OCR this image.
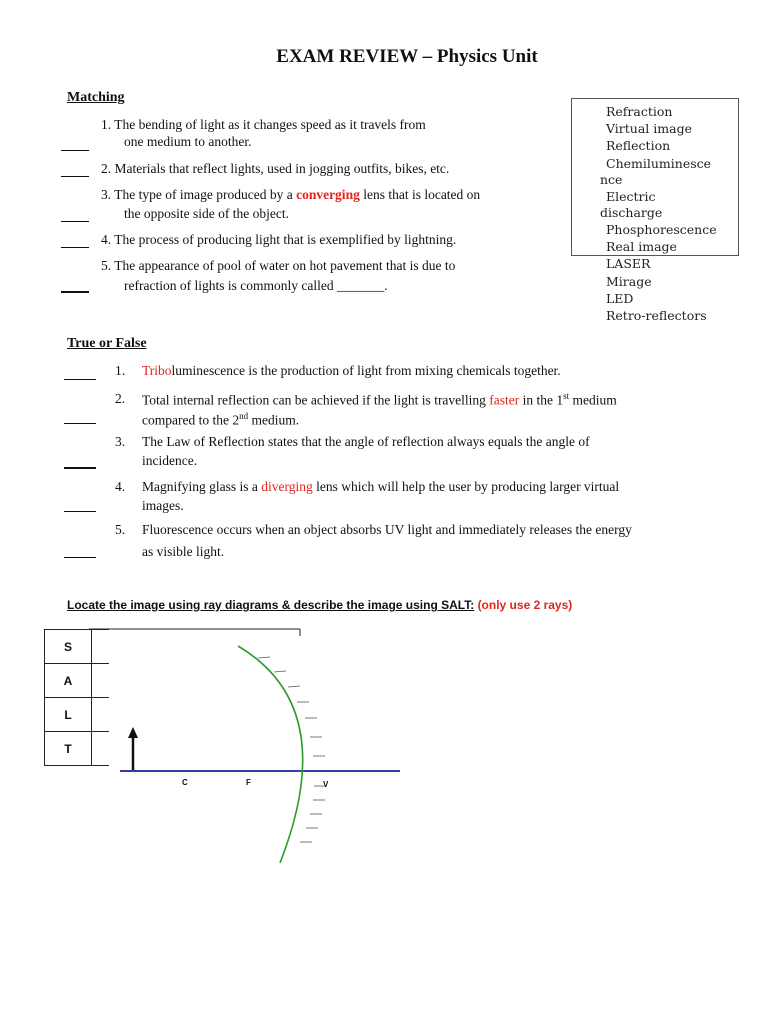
EXAM REVIEW – Physics Unit
Matching
1. The bending of light as it changes speed as it travels from
one medium to another.
2. Materials that reflect lights, used in jogging outfits, bikes, etc.
3. The type of image produced by a converging lens that is located on
the opposite side of the object.
4. The process of producing light that is exemplified by lightning.
5. The appearance of pool of water on hot pavement that is due to
refraction of lights is commonly called _______.
Refraction
Virtual image
Reflection
Chemiluminesce
nce
Electric
discharge
Phosphorescence
Real image
LASER
Mirage
LED
Retro-reflectors
True or False
1. Triboluminescence is the production of light from mixing chemicals together.
2. Total internal reflection can be achieved if the light is travelling faster in the 1st medium
compared to the 2nd medium.
3. The Law of Reflection states that the angle of reflection always equals the angle of
incidence.
4. Magnifying glass is a diverging lens which will help the user by producing larger virtual
images.
5. Fluorescence occurs when an object absorbs UV light and immediately releases the energy
as visible light.
Locate the image using ray diagrams & describe the image using SALT: (only use 2 rays)
S	
A	
L	
T	
C	F	V
